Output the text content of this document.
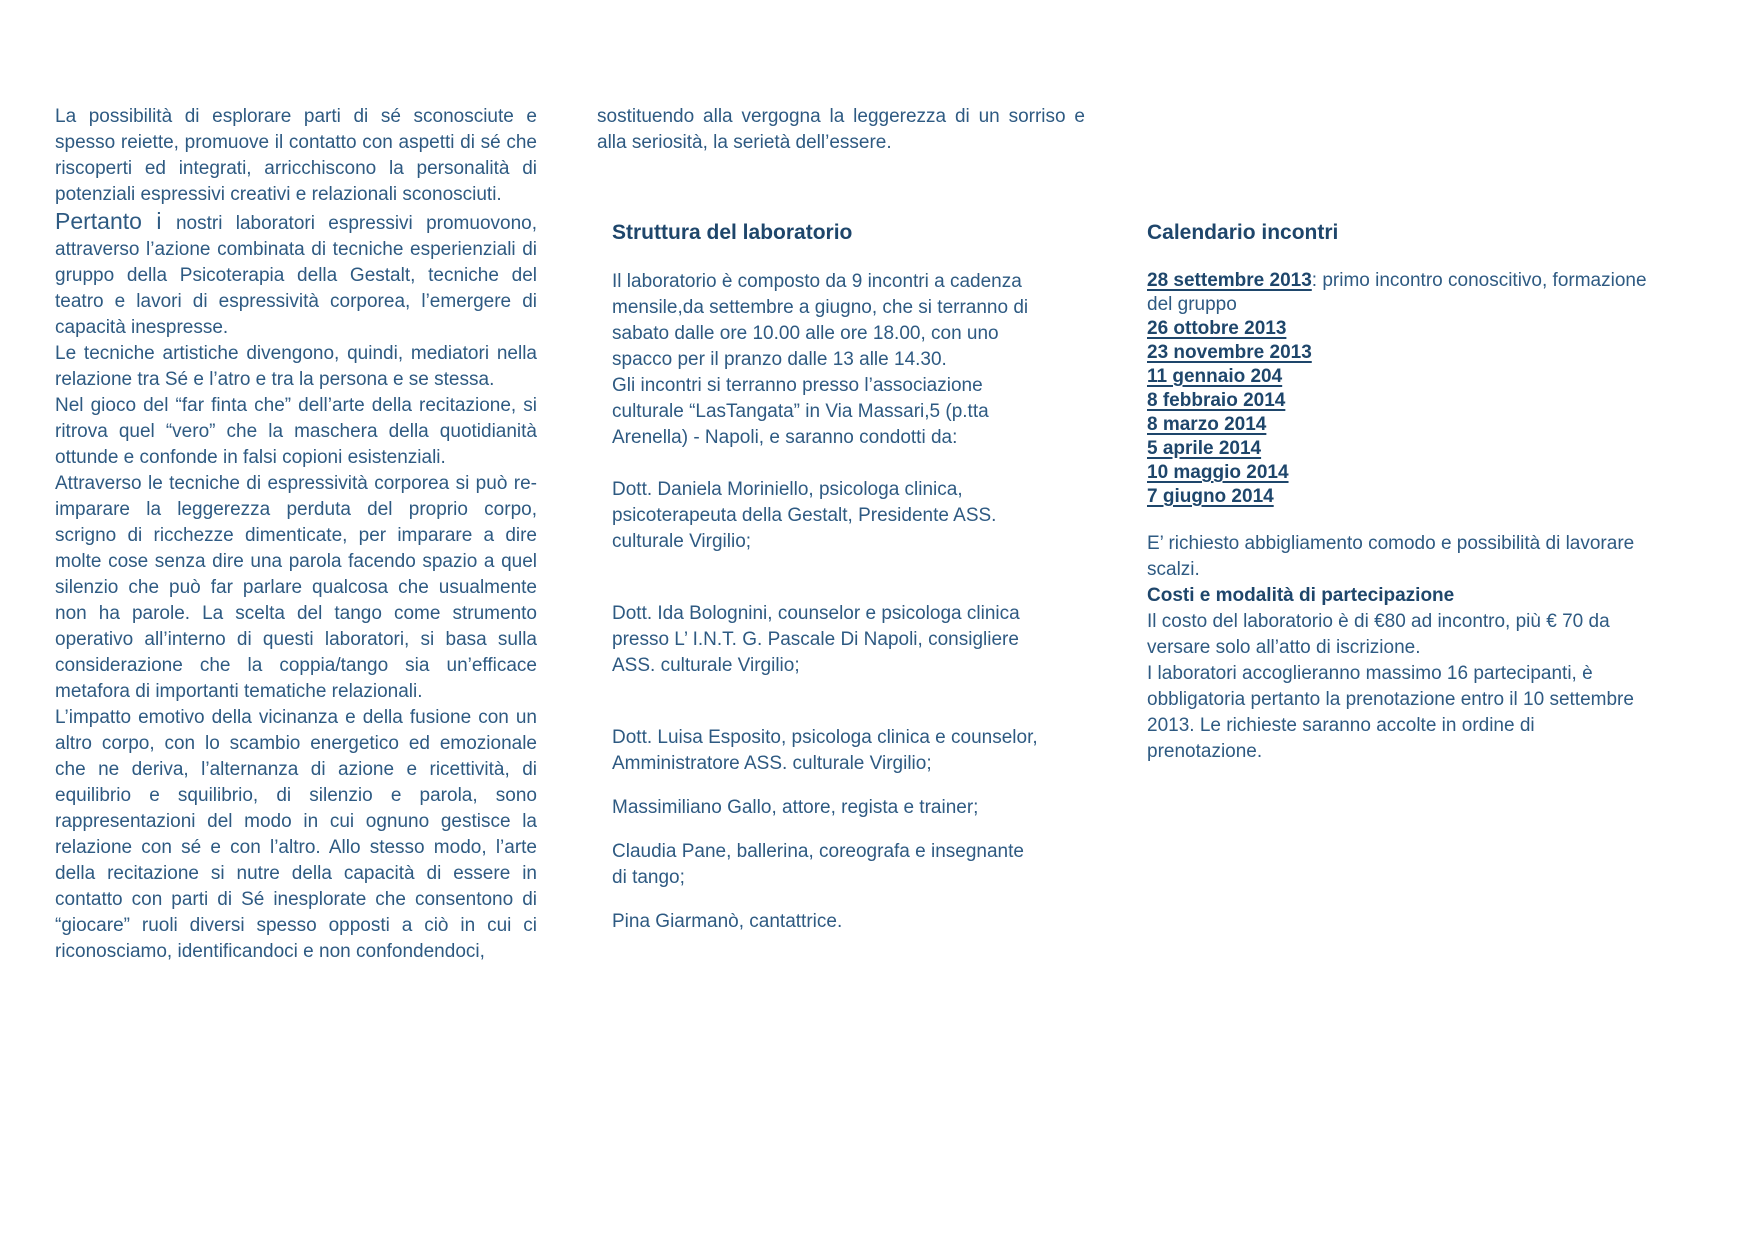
La possibilità di esplorare parti di sé sconosciute e spesso reiette, promuove il contatto con aspetti di sé che riscoperti ed integrati, arricchiscono la personalità di potenziali espressivi creativi e relazionali sconosciuti.

Pertanto i nostri laboratori espressivi promuovono, attraverso l’azione combinata di tecniche esperienziali di gruppo della Psicoterapia della Gestalt, tecniche del teatro e lavori di espressività corporea, l’emergere di capacità inespresse.

Le tecniche artistiche divengono, quindi, mediatori nella relazione tra Sé e l’atro e tra la persona e se stessa.

Nel gioco del “far finta che” dell’arte della recitazione, si ritrova quel “vero” che la maschera della quotidianità ottunde e confonde in falsi copioni esistenziali.

Attraverso le tecniche di espressività corporea si può re-imparare la leggerezza perduta del proprio corpo, scrigno di ricchezze dimenticate, per imparare a dire molte cose senza dire una parola facendo spazio a quel silenzio che può far parlare qualcosa che usualmente non ha parole. La scelta del tango come strumento operativo all’interno di questi laboratori, si basa sulla considerazione che la coppia/tango sia un’efficace metafora di importanti tematiche relazionali.

L’impatto emotivo della vicinanza e della fusione con un altro corpo, con lo scambio energetico ed emozionale che ne deriva, l’alternanza di azione e ricettività, di equilibrio e squilibrio, di silenzio e parola, sono rappresentazioni del modo in cui ognuno gestisce la relazione con sé e con l’altro. Allo stesso modo, l’arte della recitazione si nutre della capacità di essere in contatto con parti di Sé inesplorate che consentono di “giocare” ruoli diversi spesso opposti a ciò in cui ci riconosciamo, identificandoci e non confondendoci,

sostituendo alla vergogna la leggerezza di un sorriso e alla seriosità, la serietà dell’essere.

Struttura del laboratorio

Il laboratorio è composto da 9 incontri a cadenza mensile,da settembre a giugno, che si terranno di sabato dalle ore 10.00 alle ore 18.00, con uno spacco per il pranzo dalle 13 alle 14.30.

Gli incontri si terranno presso l’associazione culturale “LasTangata” in Via Massari,5 (p.tta Arenella) - Napoli, e saranno condotti da:

Dott. Daniela Moriniello, psicologa clinica, psicoterapeuta della Gestalt, Presidente ASS. culturale Virgilio;

Dott. Ida Bolognini, counselor e psicologa clinica presso L’ I.N.T. G. Pascale Di Napoli, consigliere ASS. culturale Virgilio;

Dott. Luisa Esposito, psicologa clinica e counselor, Amministratore ASS. culturale Virgilio;

Massimiliano Gallo, attore, regista e trainer;

Claudia Pane, ballerina, coreografa e insegnante di tango;

Pina Giarmanò, cantattrice.

Calendario incontri

28 settembre 2013: primo incontro conoscitivo, formazione del gruppo

26 ottobre 2013

23 novembre 2013

11 gennaio 204

8 febbraio 2014

8 marzo 2014

5 aprile 2014

10 maggio 2014

7 giugno 2014

E’ richiesto abbigliamento comodo e possibilità di lavorare scalzi.

Costi e modalità di partecipazione

Il costo del laboratorio è di €80 ad incontro, più € 70 da versare solo all’atto di iscrizione.

I laboratori accoglieranno massimo 16 partecipanti, è obbligatoria pertanto la prenotazione entro il 10 settembre 2013. Le richieste saranno accolte in ordine di prenotazione.
